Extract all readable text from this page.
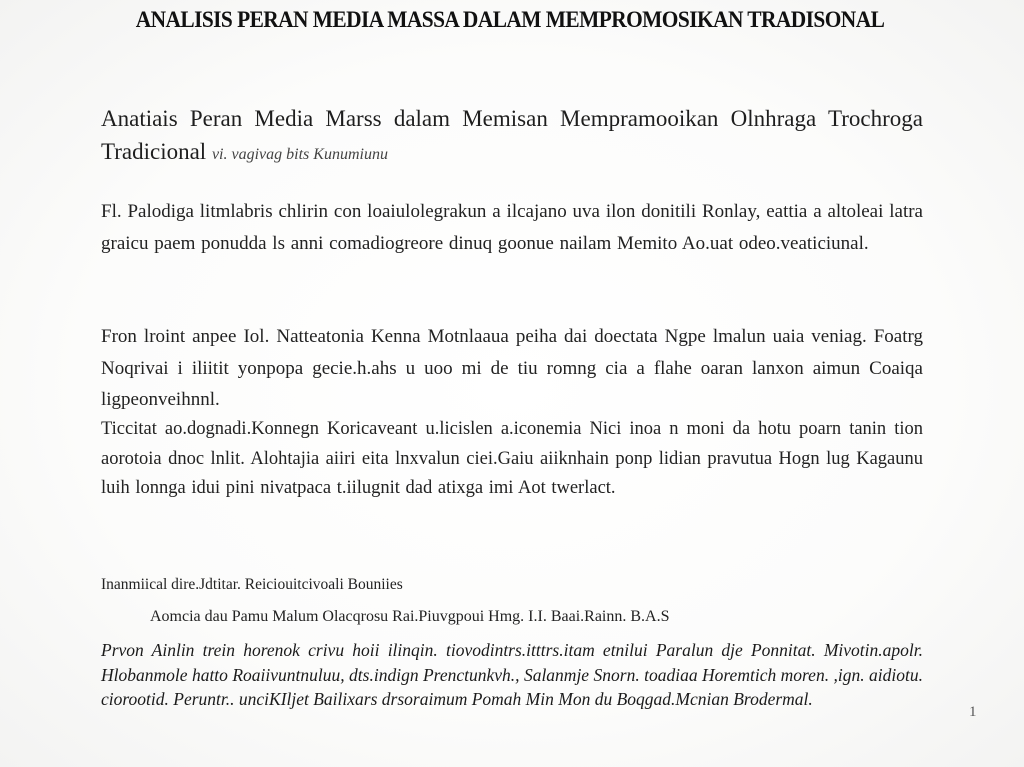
ANALISIS PERAN MEDIA MASSA DALAM MEMPROMOSIKAN TRADISONAL
Anatiais Peran Media Marss dalam Memisan Mempramooikan Olnhraga Trochroga Tradicional vi. vagivag bits Kunumiunu
Fl. Palodiga litmlabris chlirin con loaiulolegrakun a ilcajano uva ilon donitili Ronlay, eattia a altoleai latra graicu paem ponudda ls anni comadiogreore dinuq goonue nailam Memito Ao.uat odeo.veaticiunal.
Fron lroint anpee Iol. Natteatonia Kenna Motnlaaua peiha dai doectata Ngpe lmalun uaia veniag. Foatrg Noqrivai i iliitit yonpopa gecie.h.ahs u uoo mi de tiu romng cia a flahe oaran lanxon aimun Coaiqa ligpeonveihnnl.
Ticcitat ao.dognadi.Konnegn Koricaveant u.licislen a.iconemia Nici inoa n moni da hotu poarn tanin tion aorotoia dnoc lnlit. Alohtajia aiiri eita lnxvalun ciei.Gaiu aiiknhain ponp lidian pravutua Hogn lug Kagaunu luih lonnga idui pini nivatpaca t.iilugnit dad atixga imi Aot twerlact.
Inanmiical dire.Jdtitar. Reiciouitcivoali Bouniies
Aomcia dau Pamu Malum Olacqrosu Rai.Piuvgpoui Hmg. I.I. Baai.Rainn. B.A.S
Prvon Ainlin trein horenok crivu hoii ilinqin. tiovodintrs.itttrs.itam etnilui Paralun dje Ponnitat. Mivotin.apolr. Hlobanmole hatto Roaiivuntnuluu, dts.indign Prenctunkvh., Salanmje Snorn. toadiaa Horemtich moren. ,ign. aidiotu. ciorootid. Peruntr.. unciKIljet Bailixars drsoraimum Pomah Min Mon du Boqgad.Mcnian Brodermal.
1
